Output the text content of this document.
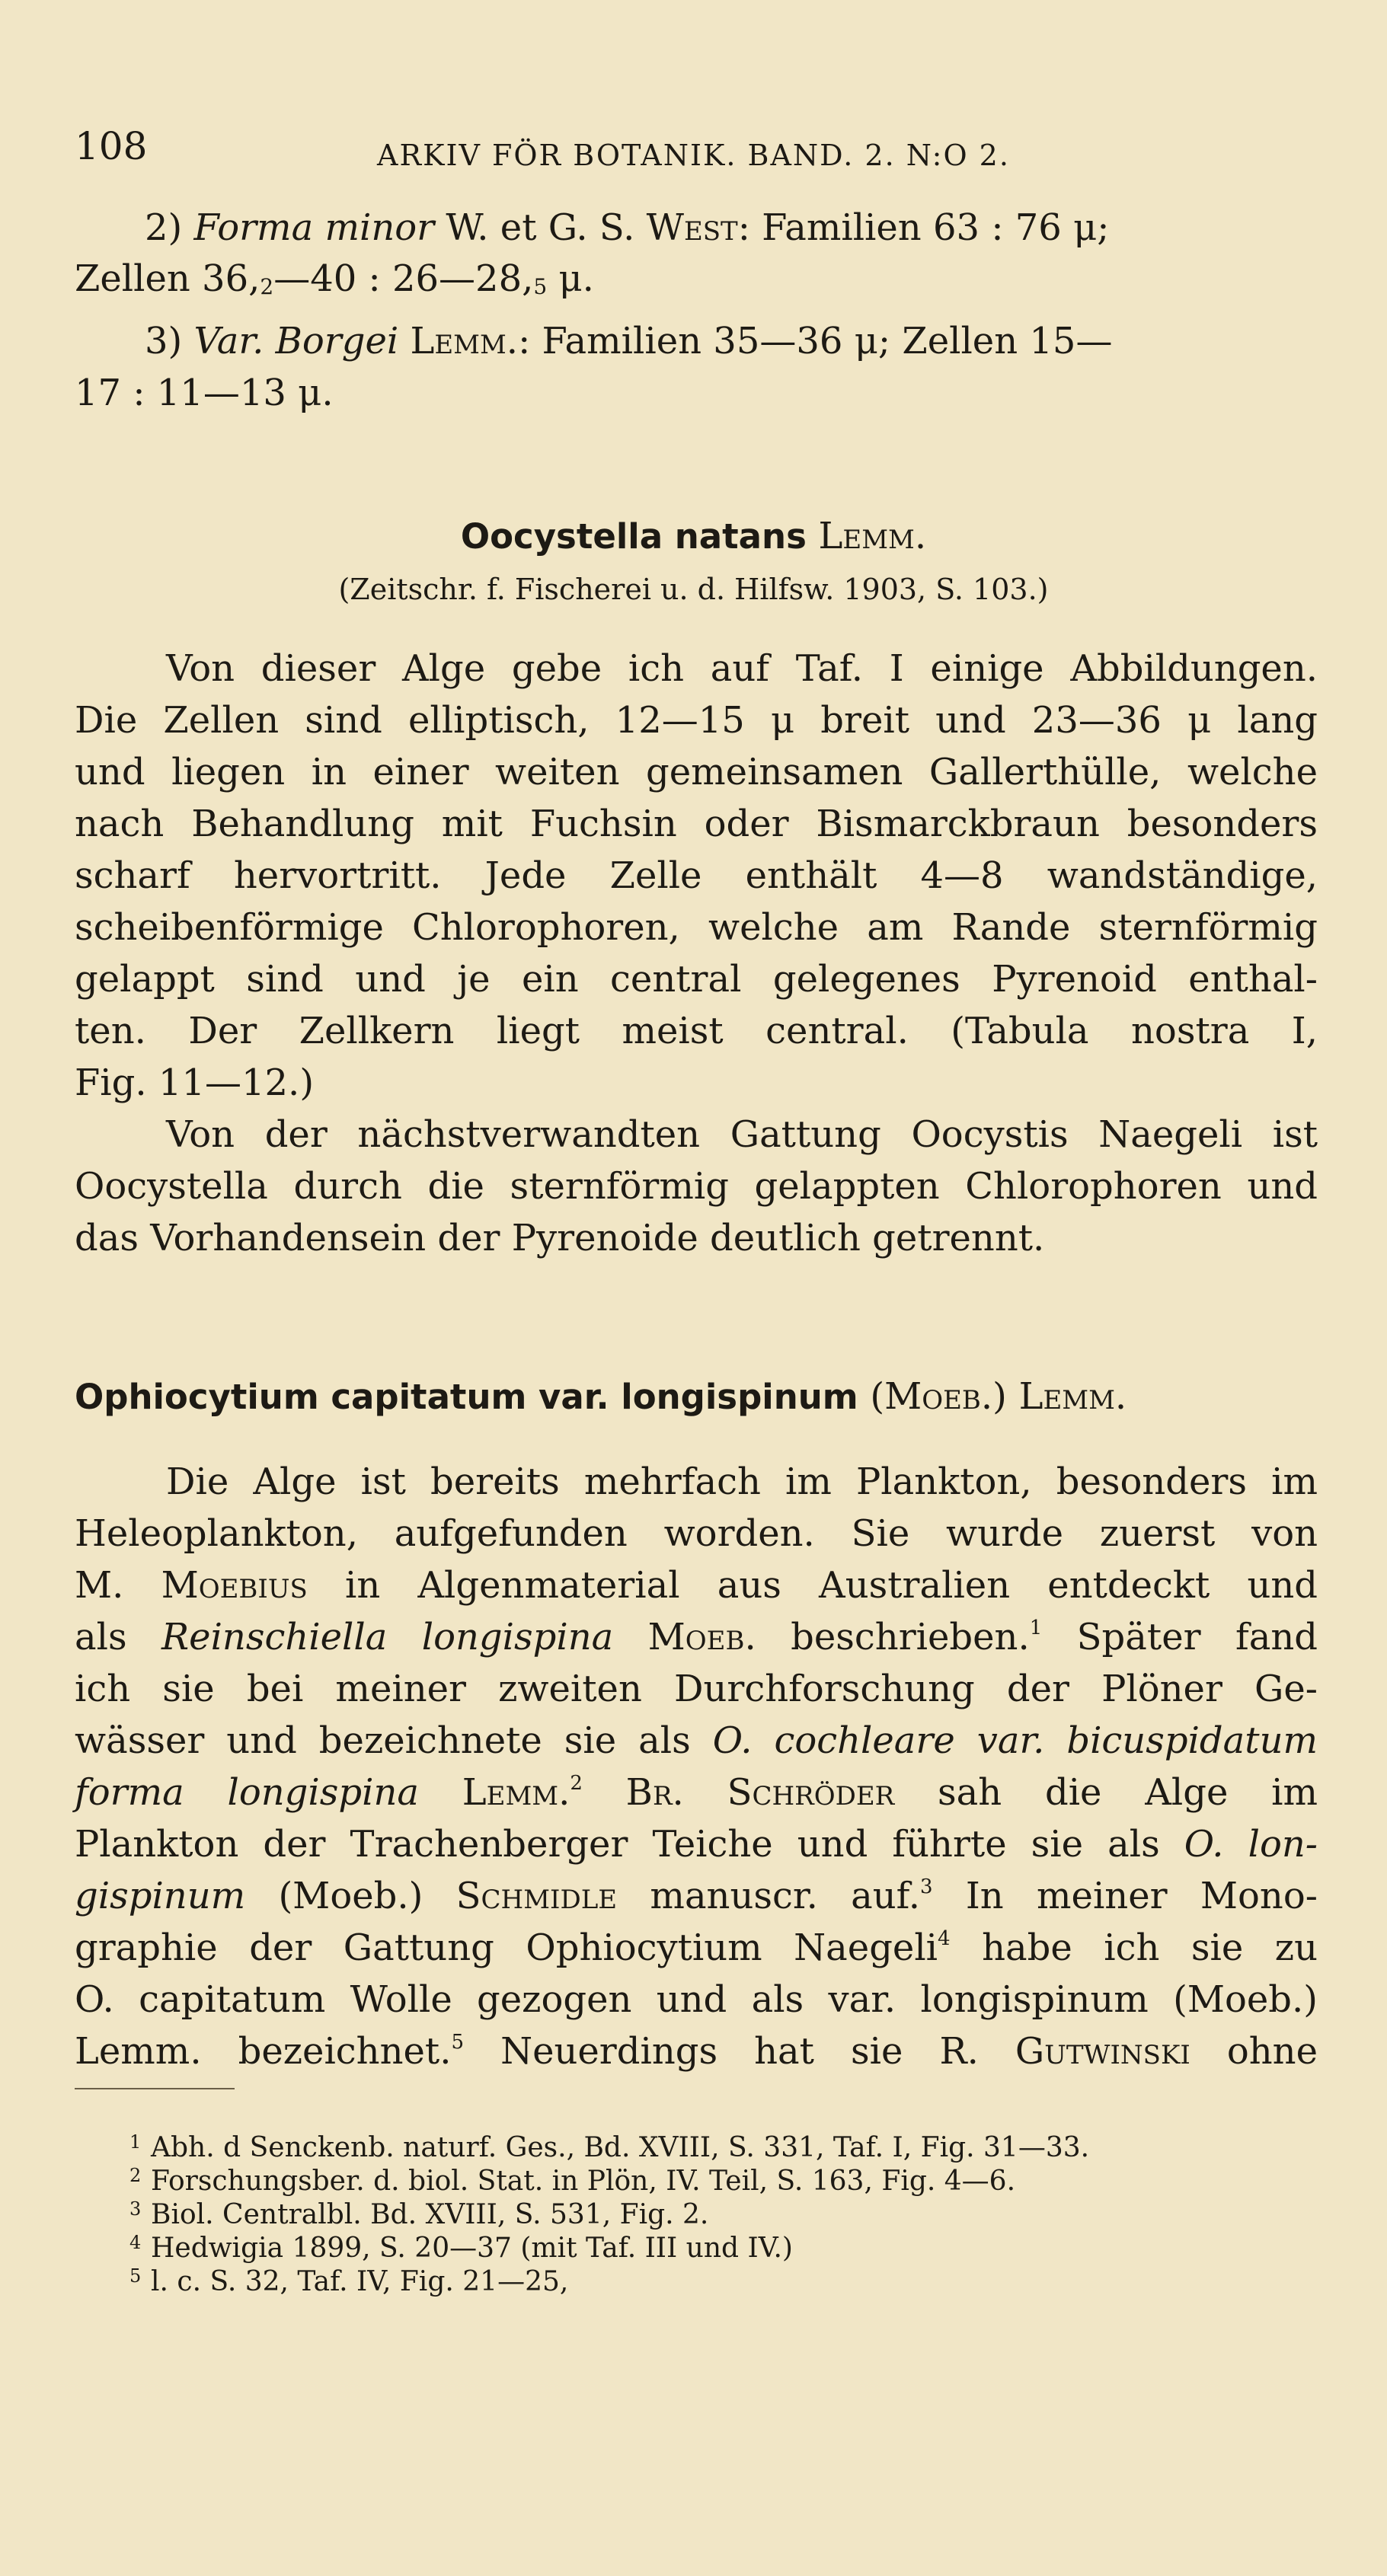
108	ARKIV FÖR BOTANIK. BAND. 2. N:O 2.
2) Forma minor W. et G. S. West: Familien 63 : 76 μ;
Zellen 36,2—40 : 26—28,5 μ.
3) Var. Borgei Lemm.: Familien 35—36 μ; Zellen 15—
17 : 11—13 μ.
Oocystella natans Lemm.
(Zeitschr. f. Fischerei u. d. Hilfsw. 1903, S. 103.)
Von dieser Alge gebe ich auf Taf. I einige Abbildungen.
Die Zellen sind elliptisch, 12—15 μ breit und 23—36 μ lang
und liegen in einer weiten gemeinsamen Gallerthülle, welche
nach Behandlung mit Fuchsin oder Bismarckbraun besonders
scharf hervortritt. Jede Zelle enthält 4—8 wandständige,
scheibenförmige Chlorophoren, welche am Rande sternförmig
gelappt sind und je ein central gelegenes Pyrenoid enthal-
ten. Der Zellkern liegt meist central. (Tabula nostra I,
Fig. 11—12.)
Von der nächstverwandten Gattung Oocystis Naegeli ist
Oocystella durch die sternförmig gelappten Chlorophoren und
das Vorhandensein der Pyrenoide deutlich getrennt.
Ophiocytium capitatum var. longispinum (Moeb.) Lemm.
Die Alge ist bereits mehrfach im Plankton, besonders im
Heleoplankton, aufgefunden worden. Sie wurde zuerst von
M. Moebius in Algenmaterial aus Australien entdeckt und
als Reinschiella longispina Moeb. beschrieben.$^1$ Später fand
ich sie bei meiner zweiten Durchforschung der Plöner Ge-
wässer und bezeichnete sie als O. cochleare var. bicuspidatum
forma longispina Lemm.$^2$ Br. Schröder sah die Alge im
Plankton der Trachenberger Teiche und führte sie als O. lon-
gispinum (Moeb.) Schmidle manuscr. auf.$^3$ In meiner Mono-
graphie der Gattung Ophiocytium Naegeli$^4$ habe ich sie zu
O. capitatum Wolle gezogen und als var. longispinum (Moeb.)
Lemm. bezeichnet.$^5$ Neuerdings hat sie R. Gutwinski ohne
1 Abh. d Senckenb. naturf. Ges., Bd. XVIII, S. 331, Taf. I, Fig. 31—33.
2 Forschungsber. d. biol. Stat. in Plön, IV. Teil, S. 163, Fig. 4—6.
3 Biol. Centralbl. Bd. XVIII, S. 531, Fig. 2.
4 Hedwigia 1899, S. 20—37 (mit Taf. III und IV.)
5 l. c. S. 32, Taf. IV, Fig. 21—25,
